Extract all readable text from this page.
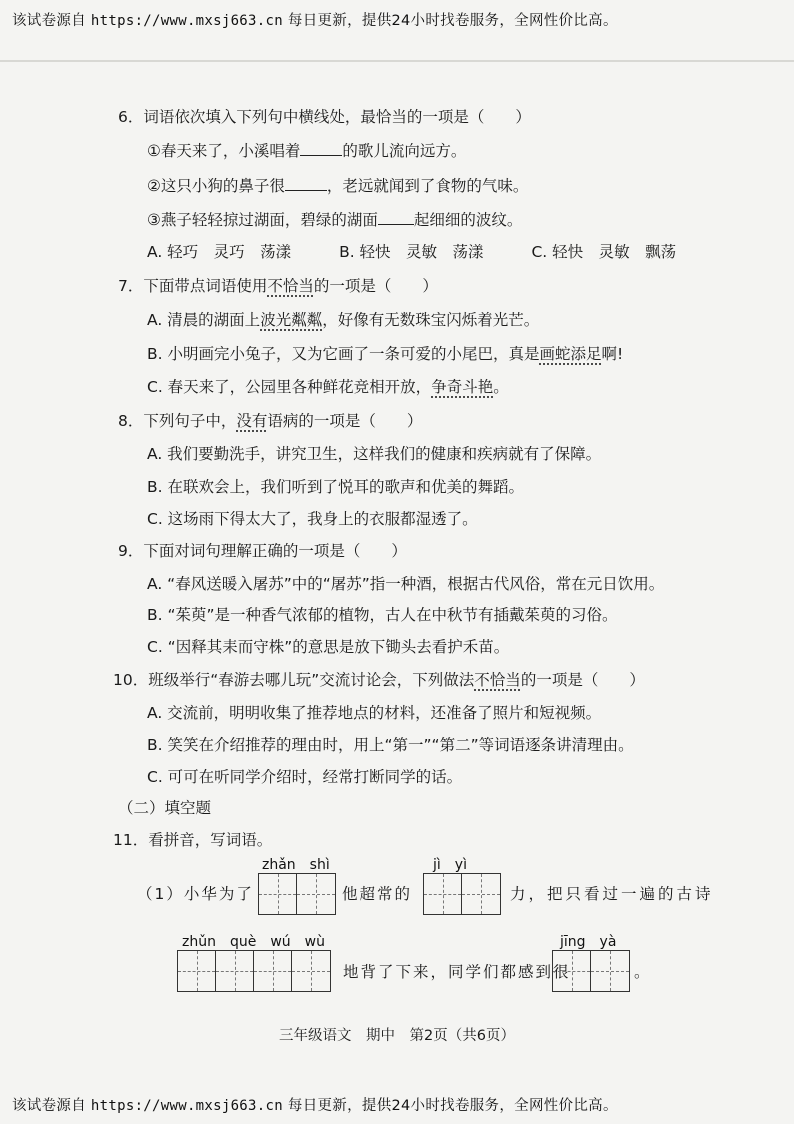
该试卷源自 https://www.mxsj663.cn 每日更新，提供24小时找卷服务，全网性价比高。
6．词语依次填入下列句中横线处，最恰当的一项是（　　）
①春天来了，小溪唱着	的歌儿流向远方。
②这只小狗的鼻子很	，老远就闻到了食物的气味。
③燕子轻轻掠过湖面，碧绿的湖面 起细细的波纹。
A. 轻巧　灵巧　荡漾	B. 轻快　灵敏　荡漾	C. 轻快　灵敏　飘荡
7．下面带点词语使用不恰当的一项是（　　）
A. 清晨的湖面上波光粼粼，好像有无数珠宝闪烁着光芒。
B. 小明画完小兔子，又为它画了一条可爱的小尾巴，真是画蛇添足啊!
C. 春天来了，公园里各种鲜花竞相开放，争奇斗艳。
8．下列句子中，没有语病的一项是（　　）
A. 我们要勤洗手，讲究卫生，这样我们的健康和疾病就有了保障。
B. 在联欢会上，我们听到了悦耳的歌声和优美的舞蹈。
C. 这场雨下得太大了，我身上的衣服都湿透了。
9．下面对词句理解正确的一项是（　　）
A. “春风送暖入屠苏”中的“屠苏”指一种酒，根据古代风俗，常在元日饮用。
B. “茱萸”是一种香气浓郁的植物，古人在中秋节有插戴茱萸的习俗。
C. “因释其耒而守株”的意思是放下锄头去看护禾苗。
10．班级举行“春游去哪儿玩”交流讨论会，下列做法不恰当的一项是（　　）
A. 交流前，明明收集了推荐地点的材料，还准备了照片和短视频。
B. 笑笑在介绍推荐的理由时，用上“第一”“第二”等词语逐条讲清理由。
C. 可可在听同学介绍时，经常打断同学的话。
（二）填空题
11．看拼音，写词语。
zhǎn　shì	jì　yì
（1）小华为了	他超常的	力，把只看过一遍的古诗
zhǔn　què　wú　wù	jīng　yà
地背了下来，同学们都感到很	。
三年级语文　期中　第2页（共6页）
该试卷源自 https://www.mxsj663.cn 每日更新，提供24小时找卷服务，全网性价比高。
